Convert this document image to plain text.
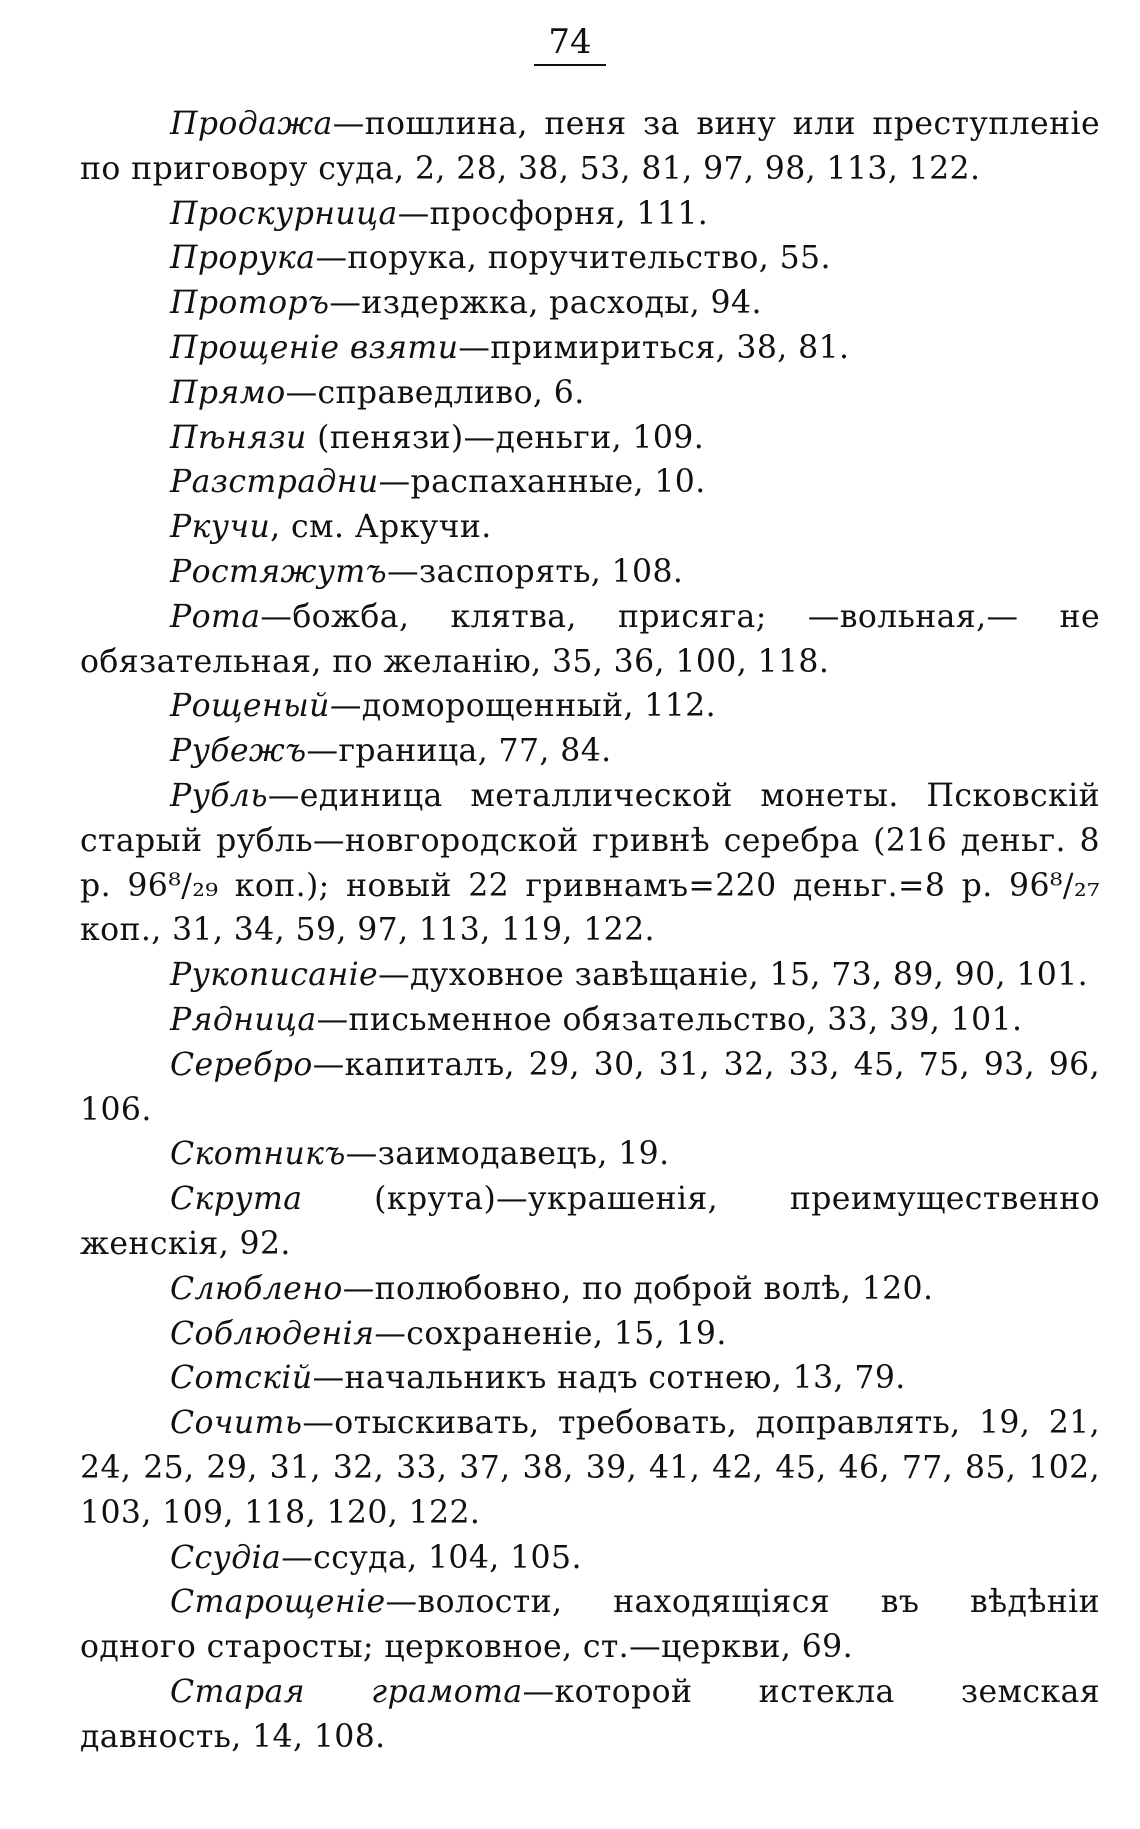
74

Продажа—пошлина, пеня за вину или преступленіе по приговору суда, 2, 28, 38, 53, 81, 97, 98, 113, 122.

Проскурница—просфорня, 111.

Прорука—порука, поручительство, 55.

Проторъ—издержка, расходы, 94.

Прощеніе взяти—примириться, 38, 81.

Прямо—справедливо, 6.

Пѣнязи (пенязи)—деньги, 109.

Разстрадни—распаханные, 10.

Ркучи, см. Аркучи.

Ростяжутъ—заспорять, 108.

Рота—божба, клятва, присяга; —вольная,— не обязательная, по желанію, 35, 36, 100, 118.

Рощеный—доморощенный, 112.

Рубежъ—граница, 77, 84.

Рубль—единица металлической монеты. Псковскій старый рубль—новгородской гривнѣ серебра (216 деньг. 8 р. 96⁸/₂₉ коп.); новый 22 гривнамъ=220 деньг.=8 р. 96⁸/₂₇ коп., 31, 34, 59, 97, 113, 119, 122.

Рукописаніе—духовное завѣщаніе, 15, 73, 89, 90, 101.

Рядница—письменное обязательство, 33, 39, 101.

Серебро—капиталъ, 29, 30, 31, 32, 33, 45, 75, 93, 96, 106.

Скотникъ—заимодавецъ, 19.

Скрута (крута)—украшенія, преимущественно женскія, 92.

Слюблено—полюбовно, по доброй волѣ, 120.

Соблюденія—сохраненіе, 15, 19.

Сотскій—начальникъ надъ сотнею, 13, 79.

Сочить—отыскивать, требовать, доправлять, 19, 21, 24, 25, 29, 31, 32, 33, 37, 38, 39, 41, 42, 45, 46, 77, 85, 102, 103, 109, 118, 120, 122.

Ссудіа—ссуда, 104, 105.

Старощеніе—волости, находящіяся въ вѣдѣніи одного старосты; церковное, ст.—церкви, 69.

Старая грамота—которой истекла земская давность, 14, 108.
